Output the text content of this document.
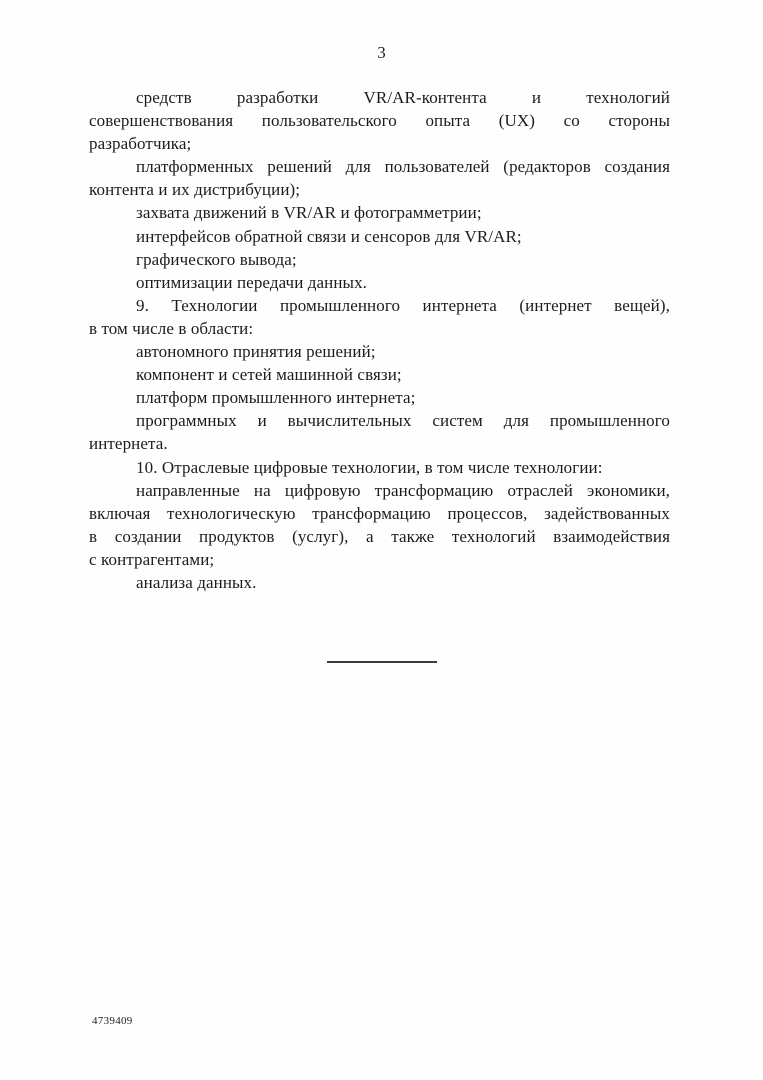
3
средств разработки VR/AR-контента и технологий
совершенствования пользовательского опыта (UX) со стороны
разработчика;
платформенных решений для пользователей (редакторов создания
контента и их дистрибуции);
захвата движений в VR/AR и фотограмметрии;
интерфейсов обратной связи и сенсоров для VR/AR;
графического вывода;
оптимизации передачи данных.
9. Технологии промышленного интернета (интернет вещей),
в том числе в области:
автономного принятия решений;
компонент и сетей машинной связи;
платформ промышленного интернета;
программных и вычислительных систем для промышленного
интернета.
10. Отраслевые цифровые технологии, в том числе технологии:
направленные на цифровую трансформацию отраслей экономики,
включая технологическую трансформацию процессов, задействованных
в создании продуктов (услуг), а также технологий взаимодействия
с контрагентами;
анализа данных.
4739409
